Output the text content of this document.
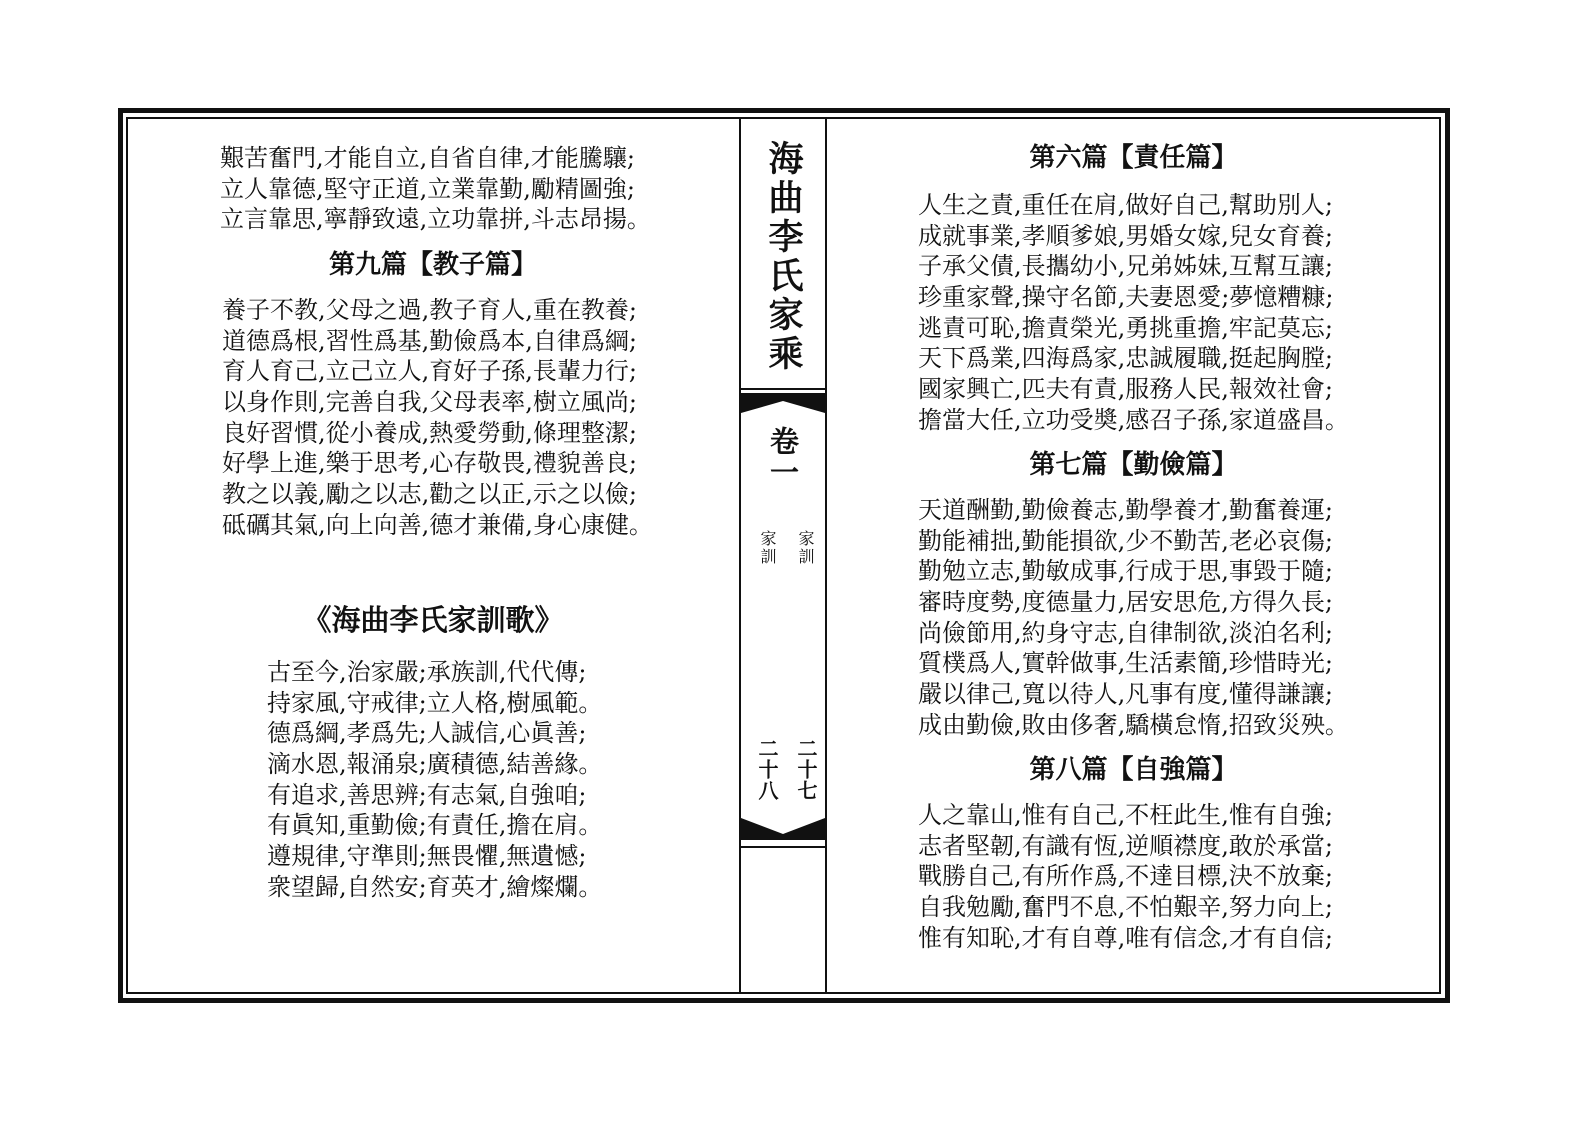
海曲李氏家乘
卷一
家訓
家訓
二十七
二十八
艱苦奮門,才能自立,自省自律,才能騰驤;
立人靠德,堅守正道,立業靠勤,勵精圖強;
立言靠思,寧靜致遠,立功靠拼,斗志昂揚。
第九篇【教子篇】
養子不教,父母之過,教子育人,重在教養;
道德爲根,習性爲基,勤儉爲本,自律爲綱;
育人育己,立己立人,育好子孫,長輩力行;
以身作則,完善自我,父母表率,樹立風尚;
良好習慣,從小養成,熱愛勞動,條理整潔;
好學上進,樂于思考,心存敬畏,禮貌善良;
教之以義,勵之以志,勸之以正,示之以儉;
砥礪其氣,向上向善,德才兼備,身心康健。
《海曲李氏家訓歌》
古至今,治家嚴;承族訓,代代傳;
持家風,守戒律;立人格,樹風範。
德爲綱,孝爲先;人誠信,心眞善;
滴水恩,報涌泉;廣積德,結善緣。
有追求,善思辨;有志氣,自強咱;
有眞知,重勤儉;有責任,擔在肩。
遵規律,守準則;無畏懼,無遺憾;
衆望歸,自然安;育英才,繪燦爛。
第六篇【責任篇】
人生之責,重任在肩,做好自己,幫助別人;
成就事業,孝順爹娘,男婚女嫁,兒女育養;
子承父債,長攜幼小,兄弟姊妹,互幫互讓;
珍重家聲,操守名節,夫妻恩愛;夢憶糟糠;
逃責可恥,擔責榮光,勇挑重擔,牢記莫忘;
天下爲業,四海爲家,忠誠履職,挺起胸膛;
國家興亡,匹夫有責,服務人民,報效社會;
擔當大任,立功受奬,感召子孫,家道盛昌。
第七篇【勤儉篇】
天道酬勤,勤儉養志,勤學養才,勤奮養運;
勤能補拙,勤能損欲,少不勤苦,老必哀傷;
勤勉立志,勤敏成事,行成于思,事毀于隨;
審時度勢,度德量力,居安思危,方得久長;
尚儉節用,約身守志,自律制欲,淡泊名利;
質樸爲人,實幹做事,生活素簡,珍惜時光;
嚴以律己,寬以待人,凡事有度,懂得謙讓;
成由勤儉,敗由侈奢,驕橫怠惰,招致災殃。
第八篇【自強篇】
人之靠山,惟有自己,不枉此生,惟有自強;
志者堅韌,有識有恆,逆順襟度,敢於承當;
戰勝自己,有所作爲,不達目標,決不放棄;
自我勉勵,奮門不息,不怕艱辛,努力向上;
惟有知恥,才有自尊,唯有信念,才有自信;
